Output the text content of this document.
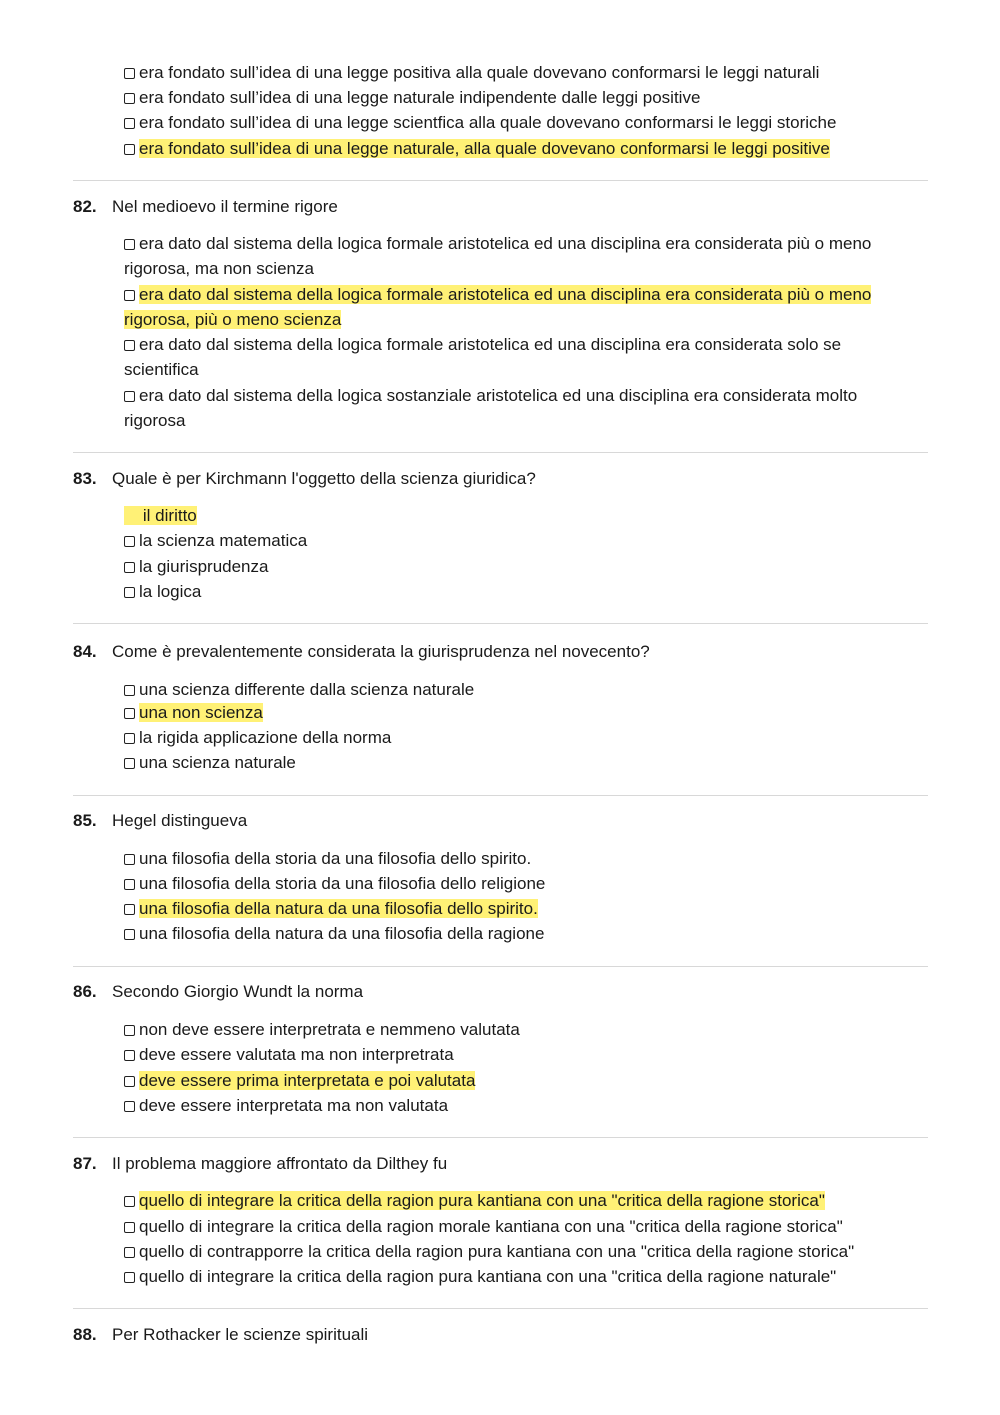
era fondato sull’idea di una legge positiva alla quale dovevano conformarsi le leggi naturali
era fondato sull’idea di una legge naturale indipendente dalle leggi positive
era fondato sull’idea di una legge scientfica alla quale dovevano conformarsi le leggi storiche
era fondato sull’idea di una legge naturale, alla quale dovevano conformarsi le leggi positive
82. Nel medioevo il termine rigore
era dato dal sistema della logica formale aristotelica ed una disciplina era considerata più o meno rigorosa, ma non scienza
era dato dal sistema della logica formale aristotelica ed una disciplina era considerata più o meno rigorosa, più o meno scienza
era dato dal sistema della logica formale aristotelica ed una disciplina era considerata solo se scientifica
era dato dal sistema della logica sostanziale aristotelica ed una disciplina era considerata molto rigorosa
83. Quale è per Kirchmann l'oggetto della scienza giuridica?
il diritto
la scienza matematica
la giurisprudenza
la logica
84. Come è prevalentemente considerata la giurisprudenza nel novecento?
una scienza differente dalla scienza naturale
una non scienza
la rigida applicazione della norma
una scienza naturale
85. Hegel distingueva
una filosofia della storia da una filosofia dello spirito.
una filosofia della storia da una filosofia dello religione
una filosofia della natura da una filosofia dello spirito.
una filosofia della natura da una filosofia della ragione
86. Secondo Giorgio Wundt la norma
non deve essere interpretrata e nemmeno valutata
deve essere valutata ma non interpretrata
deve essere prima interpretata e poi valutata
deve essere interpretata ma non valutata
87. Il problema maggiore affrontato da Dilthey fu
quello di integrare la critica della ragion pura kantiana con una "critica della ragione storica"
quello di integrare la critica della ragion morale kantiana con una "critica della ragione storica"
quello di contrapporre la critica della ragion pura kantiana con una "critica della ragione storica"
quello di integrare la critica della ragion pura kantiana con una "critica della ragione naturale"
88. Per Rothacker le scienze spirituali
